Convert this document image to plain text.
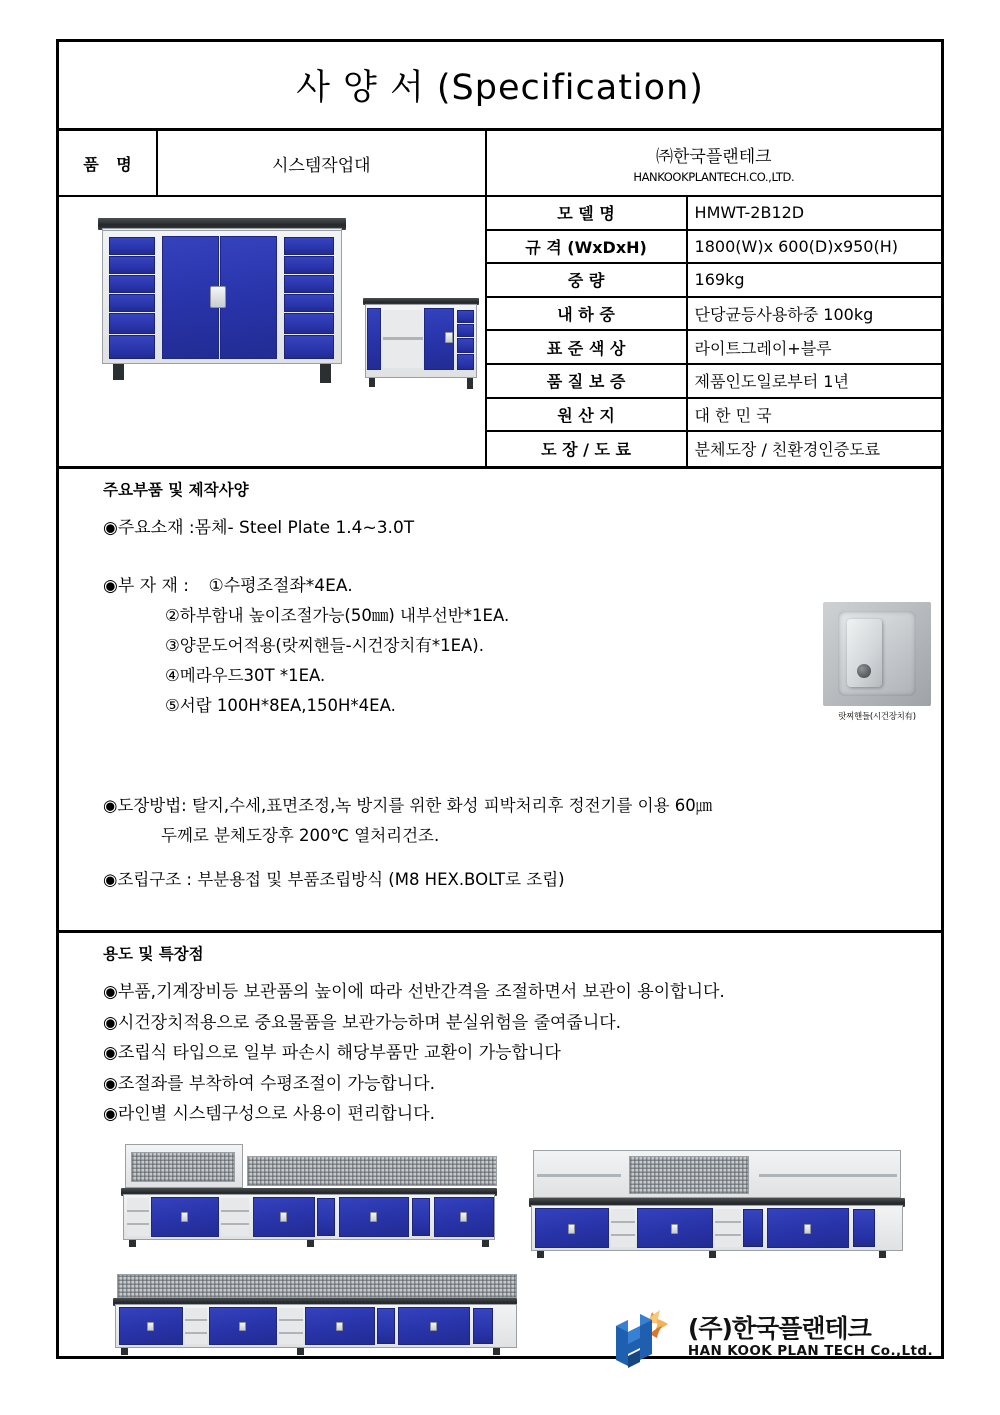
사 양 서 (Specification)
품 명	시스템작업대	㈜한국플랜테크
HANKOOKPLANTECH.CO.,LTD.
모 델 명	HMWT-2B12D
규 격 (WxDxH)	1800(W)x 600(D)x950(H)
중 량	169kg
내 하 중	단당균등사용하중 100kg
표 준 색 상	라이트그레이+블루
품 질 보 증	제품인도일로부터 1년
원 산 지	대 한 민 국
도 장 / 도 료	분체도장 / 친환경인증도료
주요부품 및 제작사양
◉주요소재 :몸체- Steel Plate 1.4~3.0T
◉부 자 재 : ①수평조절좌*4EA.
②하부함내 높이조절가능(50㎜) 내부선반*1EA.
③양문도어적용(랏찌핸들-시건장치有*1EA).
④메라우드30T *1EA.
⑤서랍 100H*8EA,150H*4EA.
◉도장방법: 탈지,수세,표면조정,녹 방지를 위한 화성 피박처리후 정전기를 이용 60㎛
두께로 분체도장후 200℃ 열처리건조.
◉조립구조 : 부분용접 및 부품조립방식 (M8 HEX.BOLT로 조립)
랏찌핸들(시건장치有)
용도 및 특장점
◉부품,기계장비등 보관품의 높이에 따라 선반간격을 조절하면서 보관이 용이합니다.
◉시건장치적용으로 중요물품을 보관가능하며 분실위험을 줄여줍니다.
◉조립식 타입으로 일부 파손시 해당부품만 교환이 가능합니다
◉조절좌를 부착하여 수평조절이 가능합니다.
◉라인별 시스템구성으로 사용이 편리합니다.
(주)한국플랜테크
HAN KOOK PLAN TECH Co.,Ltd.
